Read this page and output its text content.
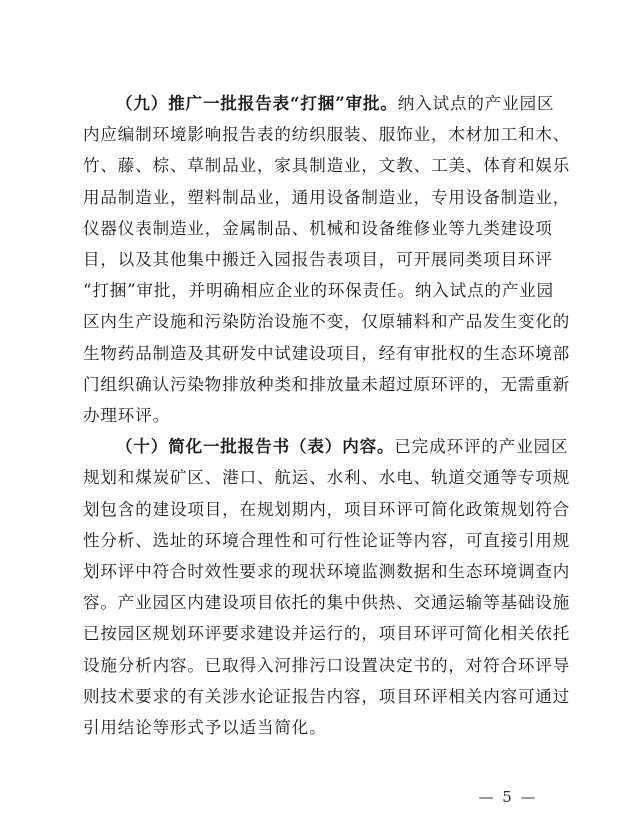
（九）推广一批报告表“打捆”审批。纳入试点的产业园区
内应编制环境影响报告表的纺织服装、服饰业，木材加工和木、
竹、藤、棕、草制品业，家具制造业，文教、工美、体育和娱乐
用品制造业，塑料制品业，通用设备制造业，专用设备制造业，
仪器仪表制造业，金属制品、机械和设备维修业等九类建设项
目，以及其他集中搬迁入园报告表项目，可开展同类项目环评
“打捆”审批，并明确相应企业的环保责任。纳入试点的产业园
区内生产设施和污染防治设施不变，仅原辅料和产品发生变化的
生物药品制造及其研发中试建设项目，经有审批权的生态环境部
门组织确认污染物排放种类和排放量未超过原环评的，无需重新
办理环评。
（十）简化一批报告书（表）内容。已完成环评的产业园区
规划和煤炭矿区、港口、航运、水利、水电、轨道交通等专项规
划包含的建设项目，在规划期内，项目环评可简化政策规划符合
性分析、选址的环境合理性和可行性论证等内容，可直接引用规
划环评中符合时效性要求的现状环境监测数据和生态环境调查内
容。产业园区内建设项目依托的集中供热、交通运输等基础设施
已按园区规划环评要求建设并运行的，项目环评可简化相关依托
设施分析内容。已取得入河排污口设置决定书的，对符合环评导
则技术要求的有关涉水论证报告内容，项目环评相关内容可通过
引用结论等形式予以适当简化。
— 5 —
